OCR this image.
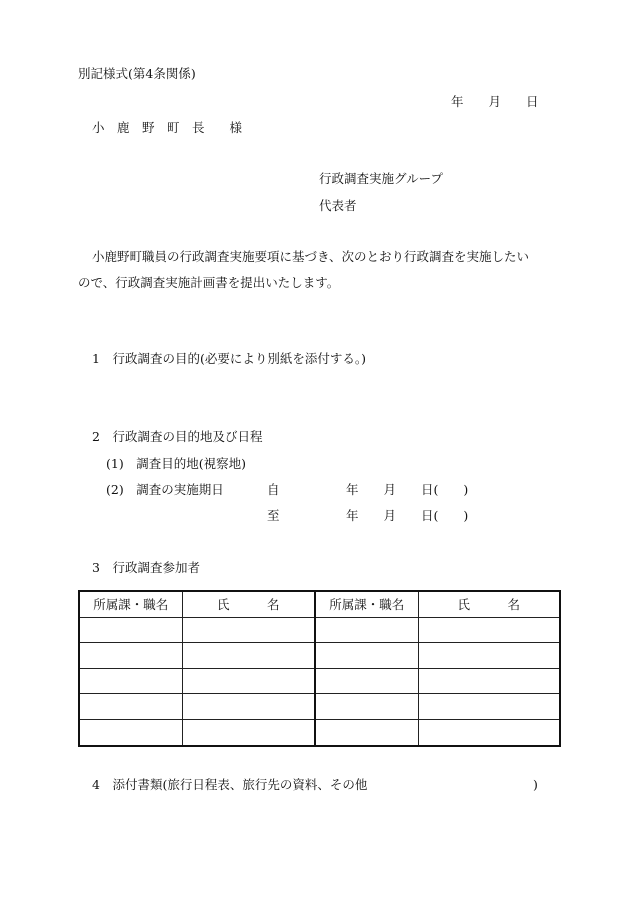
別記様式(第4条関係)
年　　月　　日
小　鹿　野　町　長　　様
行政調査実施グループ
代表者
小鹿野町職員の行政調査実施要項に基づき、次のとおり行政調査を実施したい
ので、行政調査実施計画書を提出いたします。
1　行政調査の目的(必要により別紙を添付する。)
2　行政調査の目的地及び日程
(1)　調査目的地(視察地)
(2)　調査の実施期日	自	年　　月　　日(　　)
至	年　　月　　日(　　)
3　行政調査参加者
所属課・職名	氏　　　名	所属課・職名	氏　　　名

4　添付書類(旅行日程表、旅行先の資料、その他	)
